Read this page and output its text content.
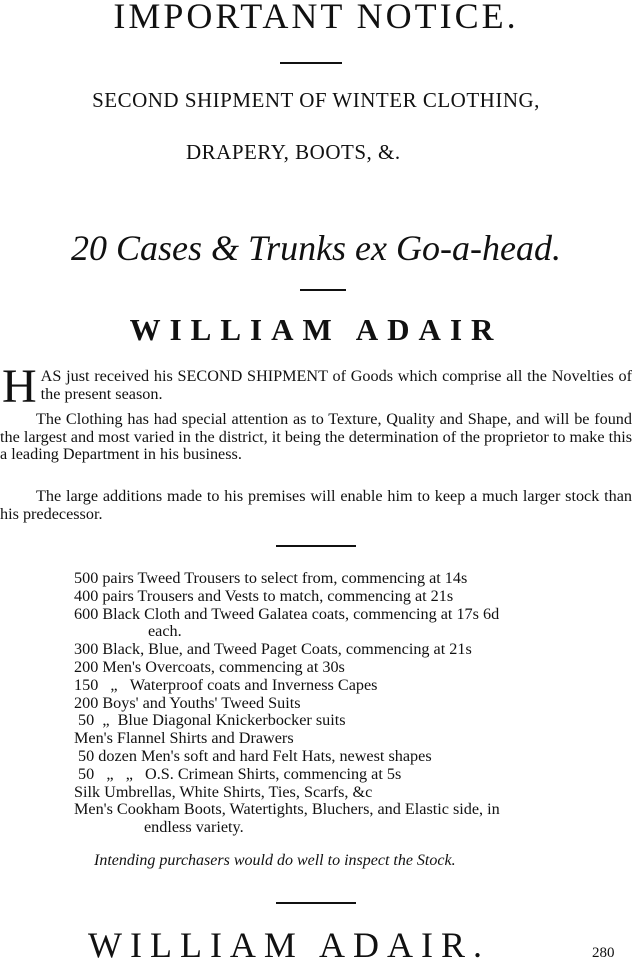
IMPORTANT NOTICE.
SECOND SHIPMENT OF WINTER CLOTHING,
DRAPERY, BOOTS, &.
20 Cases & Trunks ex Go-a-head.
WILLIAM ADAIR
H AS just received his SECOND SHIPMENT of Goods which comprise all the Novelties of the present season.
The Clothing has had special attention as to Texture, Quality and Shape, and will be found the largest and most varied in the district, it being the determination of the proprietor to make this a leading Department in his business.
The large additions made to his premises will enable him to keep a much larger stock than his predecessor.
500 pairs Tweed Trousers to select from, commencing at 14s
400 pairs Trousers and Vests to match, commencing at 21s
600 Black Cloth and Tweed Galatea coats, commencing at 17s 6d
each.
300 Black, Blue, and Tweed Paget Coats, commencing at 21s
200 Men's Overcoats, commencing at 30s
150   „   Waterproof coats and Inverness Capes
200 Boys' and Youths' Tweed Suits
50  „  Blue Diagonal Knickerbocker suits
Men's Flannel Shirts and Drawers
50 dozen Men's soft and hard Felt Hats, newest shapes
50   „   „   O.S. Crimean Shirts, commencing at 5s
Silk Umbrellas, White Shirts, Ties, Scarfs, &c
Men's Cookham Boots, Watertights, Bluchers, and Elastic side, in
endless variety.
Intending purchasers would do well to inspect the Stock.
WILLIAM ADAIR.	280
